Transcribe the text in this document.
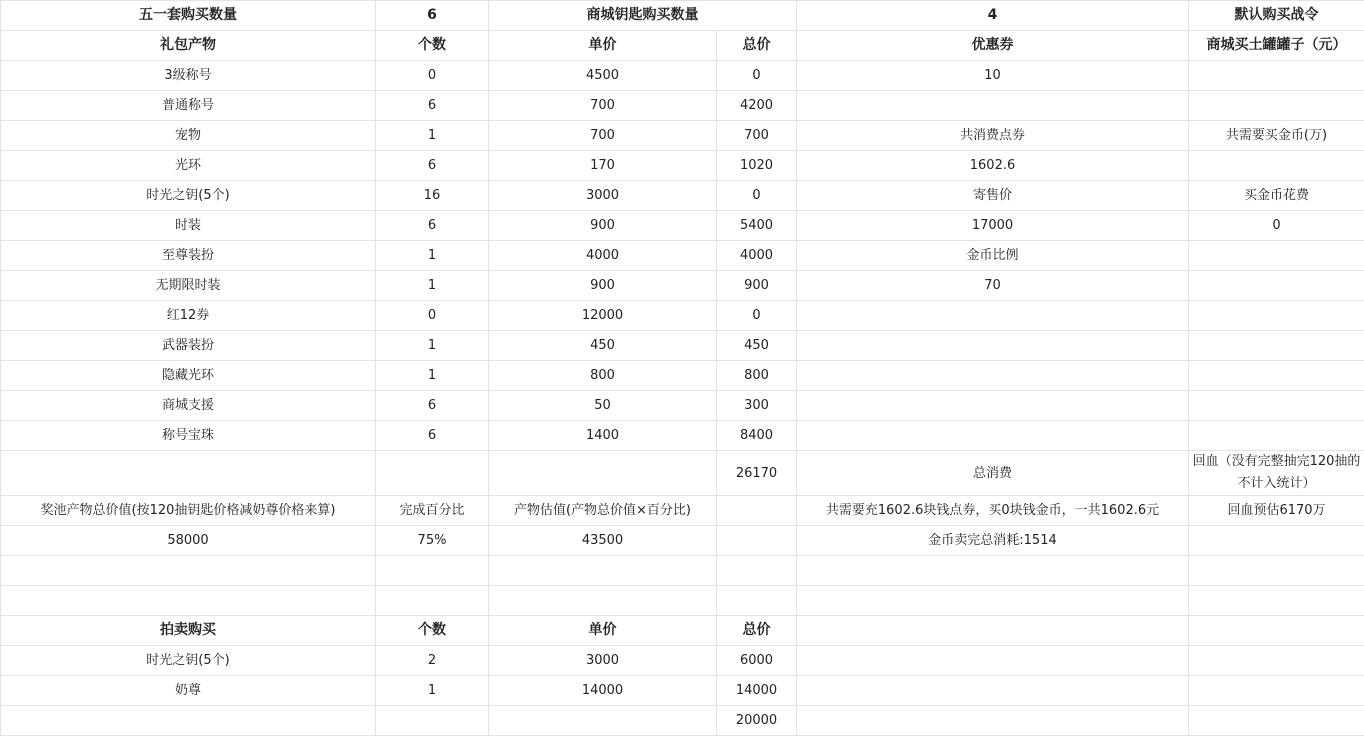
五一套购买数量	6	商城钥匙购买数量		4	默认购买战令
礼包产物	个数	单价	总价	优惠券	商城买土罐罐子（元）
3级称号	0	4500	0	10	
普通称号	6	700	4200		
宠物	1	700	700	共消费点券	共需要买金币(万)
光环	6	170	1020	1602.6	
时光之钥(5个)	16	3000	0	寄售价	买金币花费
时装	6	900	5400	17000	0
至尊装扮	1	4000	4000	金币比例	
无期限时装	1	900	900	70	
红12券	0	12000	0		
武器装扮	1	450	450		
隐藏光环	1	800	800		
商城支援	6	50	300		
称号宝珠	6	1400	8400		
			26170	总消费	回血（没有完整抽完120抽的不计入统计）
奖池产物总价值(按120抽钥匙价格减奶尊价格来算)	完成百分比	产物估值(产物总价值×百分比)		共需要充1602.6块钱点券，买0块钱金币，一共1602.6元	回血预估6170万
58000	75%	43500		金币卖完总消耗:1514	

拍卖购买	个数	单价	总价		
时光之钥(5个)	2	3000	6000		
奶尊	1	14000	14000		
			20000		
